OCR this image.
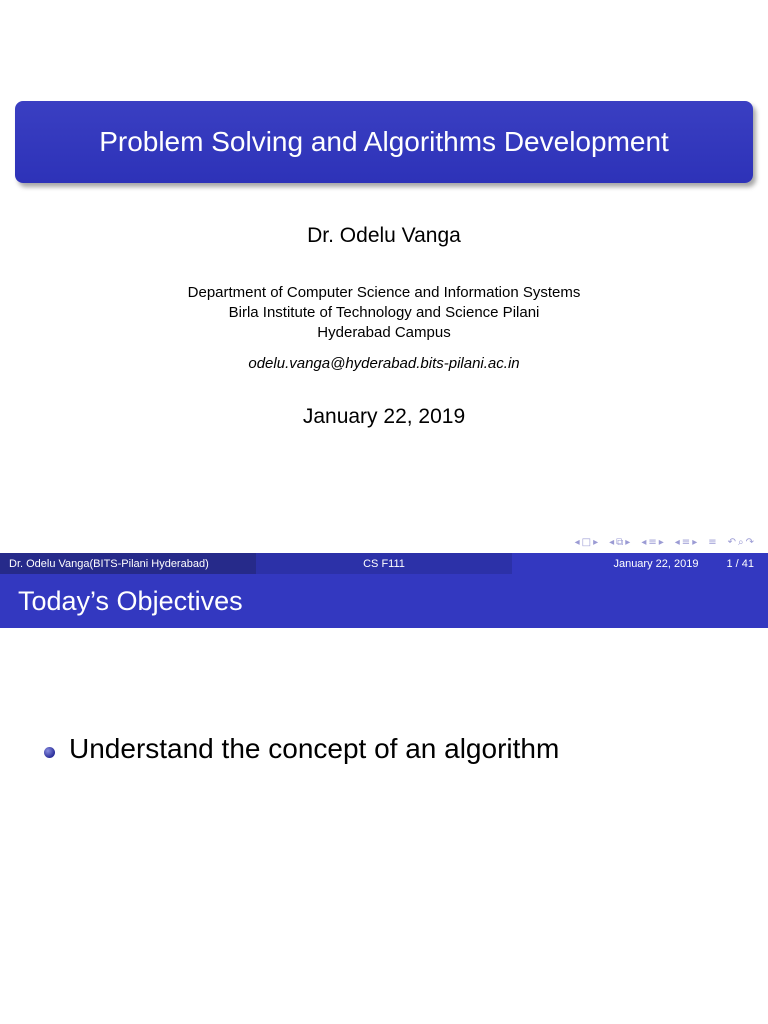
Problem Solving and Algorithms Development
Dr. Odelu Vanga
Department of Computer Science and Information Systems
Birla Institute of Technology and Science Pilani
Hyderabad Campus
odelu.vanga@hyderabad.bits-pilani.ac.in
January 22, 2019
◂ □ ▸ ◂ ⧉ ▸ ◂ ≡ ▸ ◂ ≡ ▸ ≡ ↶ ⌕ ↷
Dr. Odelu Vanga (BITS-Pilani Hyderabad)	CS F111	January 22, 2019	1 / 41
Today’s Objectives
Understand the concept of an algorithm
